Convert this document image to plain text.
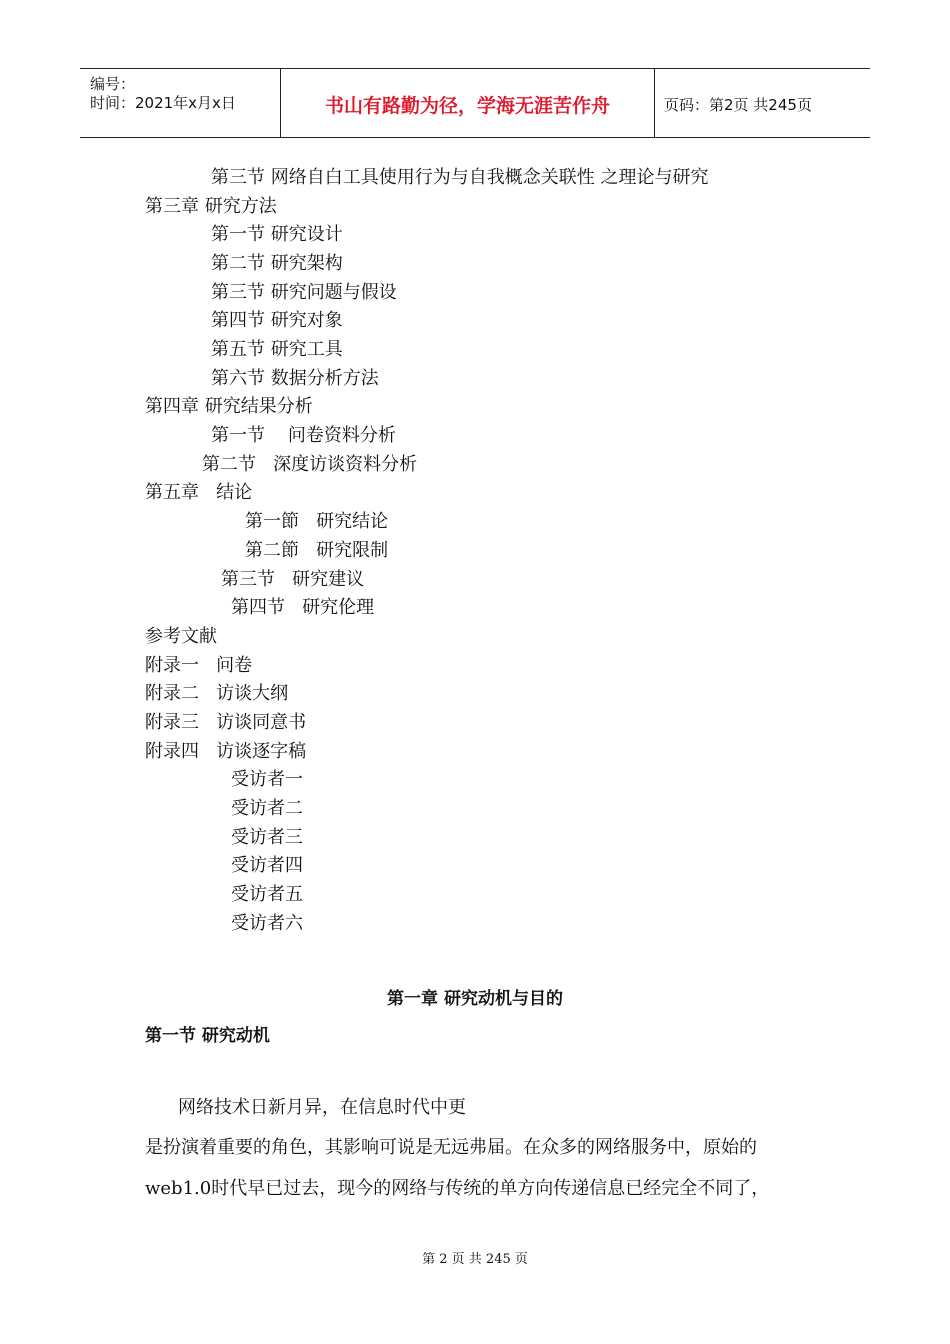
编号：
时间：2021年x月x日	书山有路勤为径，学海无涯苦作舟	页码：第2页 共245页
第三节 网络自白工具使用行为与自我概念关联性 之理论与研究
第三章 研究方法
第一节 研究设计
第二节 研究架构
第三节 研究问题与假设
第四节 研究对象
第五节 研究工具
第六节 数据分析方法
第四章 研究结果分析
第一节    问卷资料分析
第二节   深度访谈资料分析
第五章   结论
第一節   研究结论
第二節   研究限制
第三节   研究建议
第四节   研究伦理
参考文献
附录一   问卷
附录二   访谈大纲
附录三   访谈同意书
附录四   访谈逐字稿
受访者一
受访者二
受访者三
受访者四
受访者五
受访者六
第一章 研究动机与目的
第一节 研究动机
网络技术日新月异，在信息时代中更
是扮演着重要的角色，其影响可说是无远弗届。在众多的网络服务中，原始的
web1.0时代早已过去，现今的网络与传统的单方向传递信息已经完全不同了，
第 2 页 共 245 页
